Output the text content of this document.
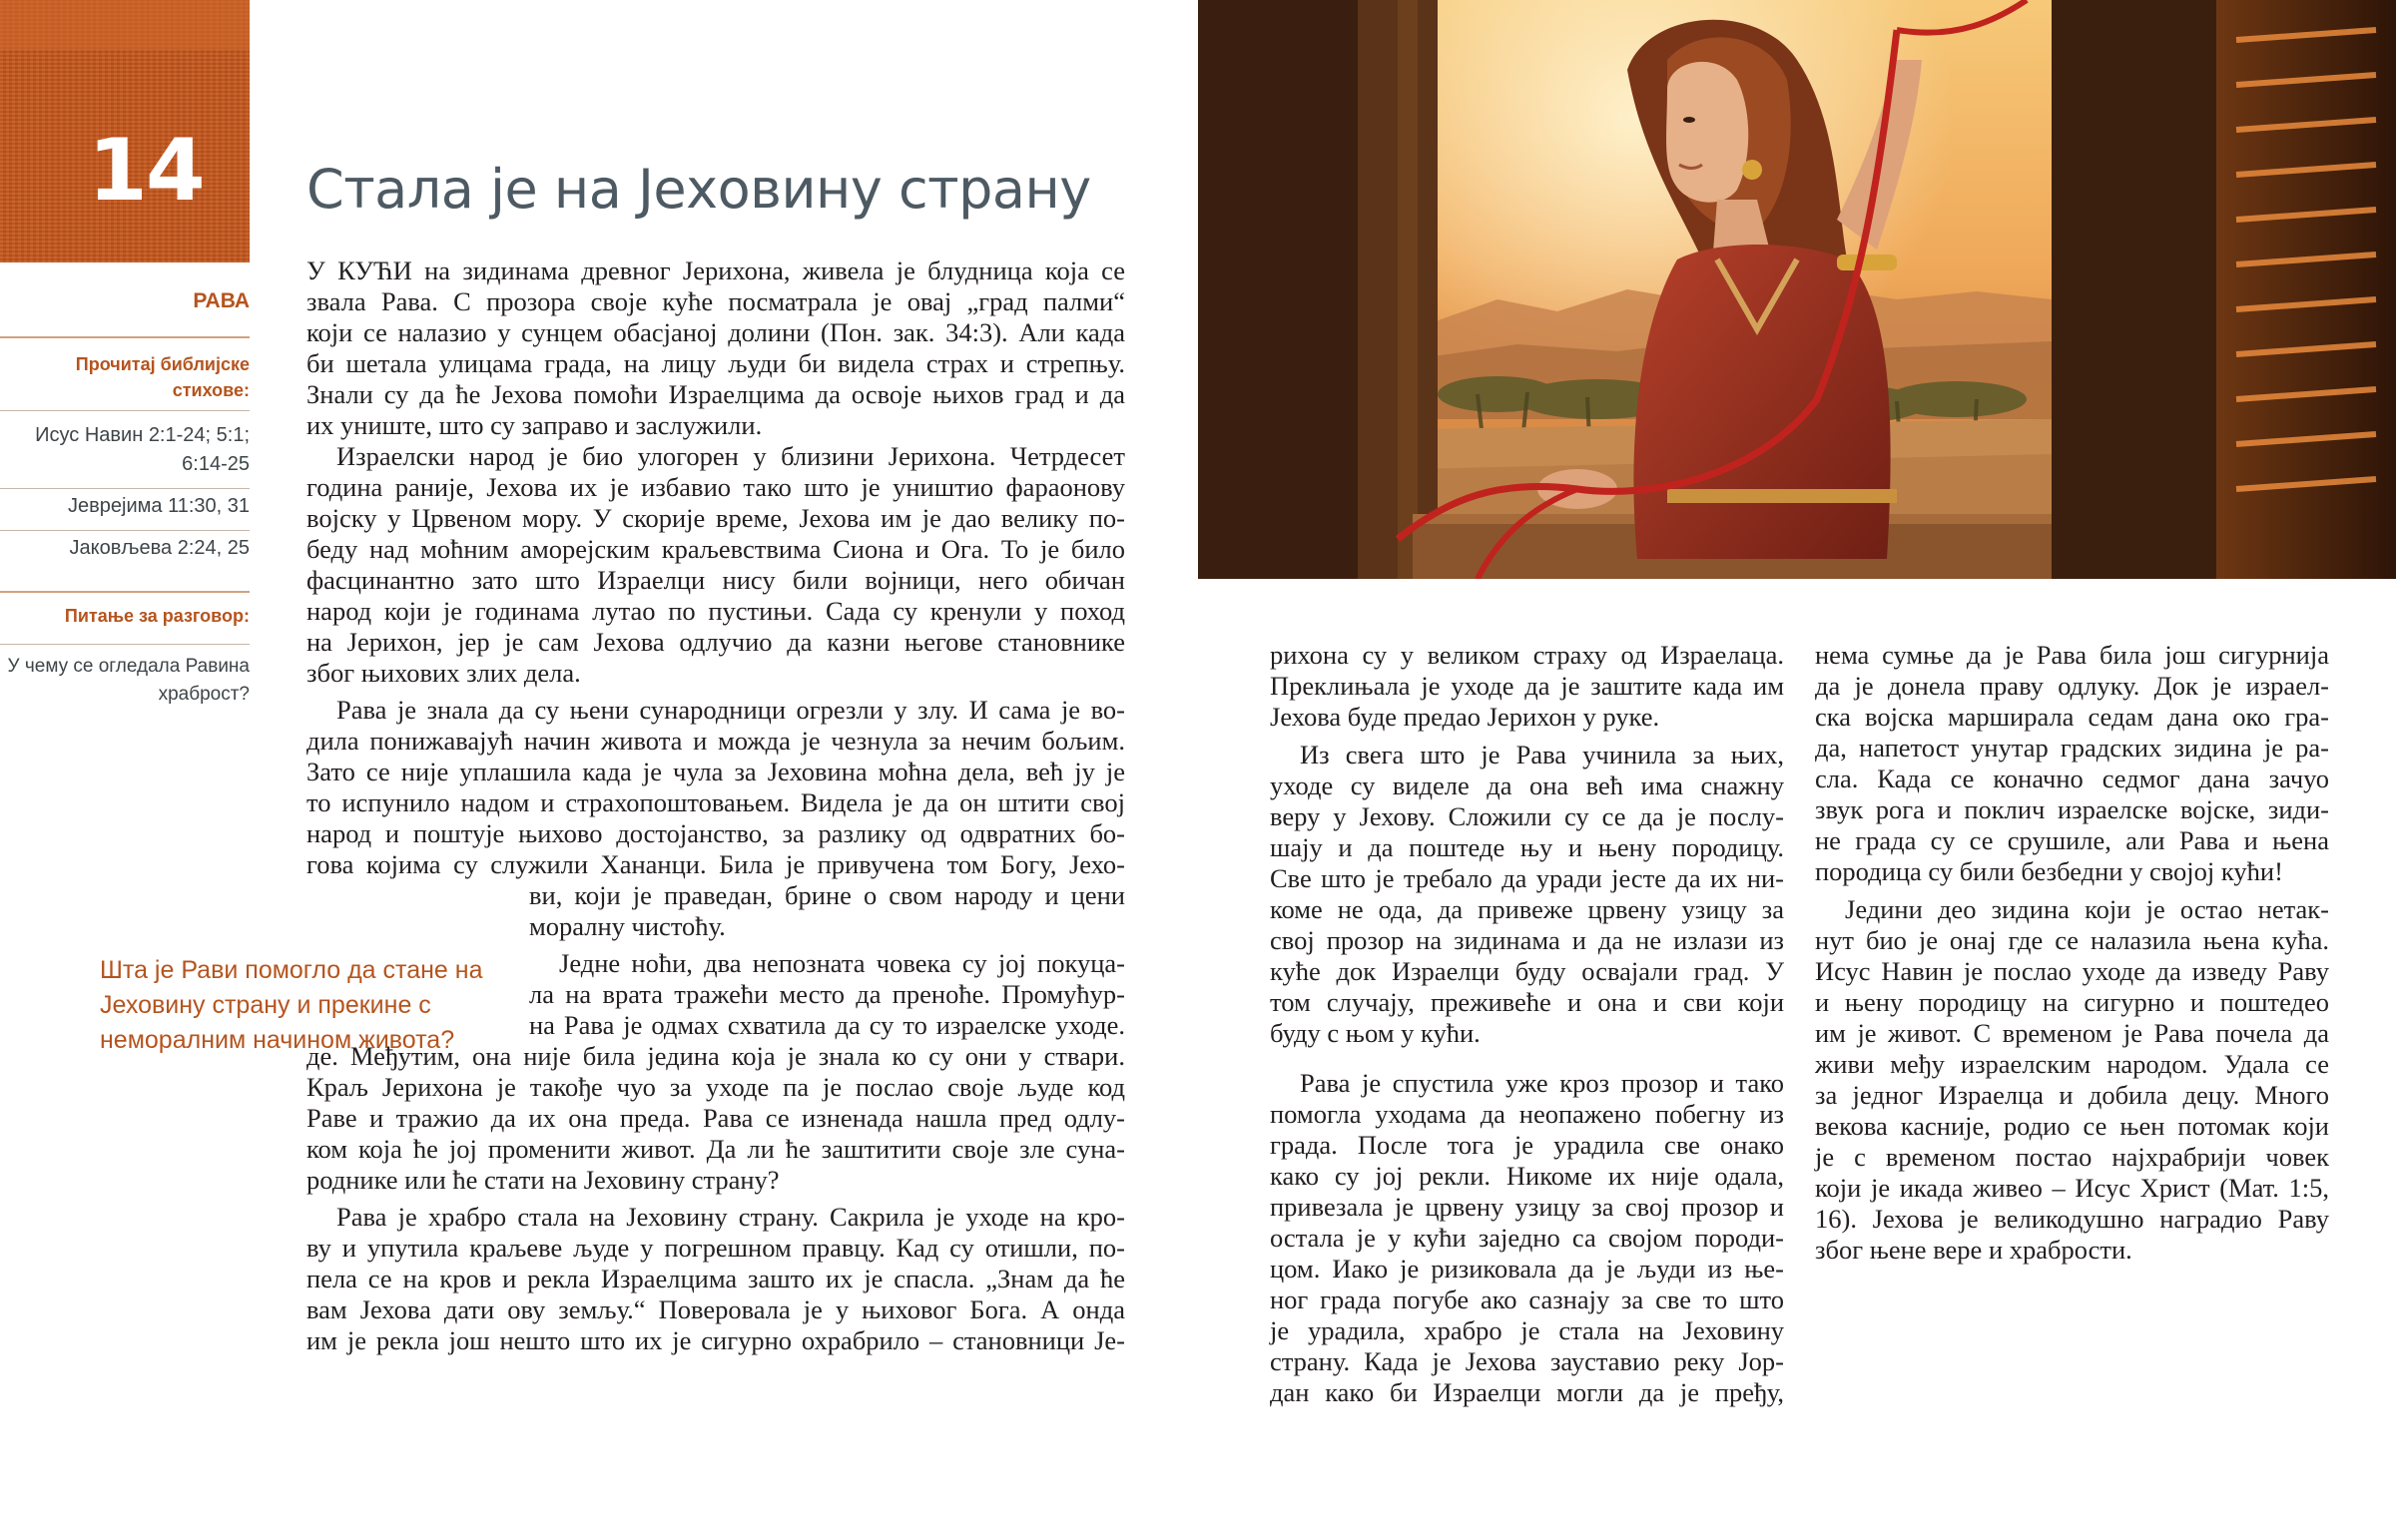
14
РАВА
Прочитај библијске стихове:
Исус Навин 2:1-24; 5:1; 6:14-25
Јеврејима 11:30, 31
Јаковљева 2:24, 25
Питање за разговор:
У чему се огледала Равина храброст?
Стала је на Јеховину страну
У КУЋИ на зидинама древног Јерихона, живела је блудница која се
звала Рава. С прозора своје куће посматрала је овај „град палми“
који се налазио у сунцем обасјаној долини (Пон. зак. 34:3). Али када
би шетала улицама града, на лицу људи би видела страх и стрепњу.
Знали су да ће Јехова помоћи Израелцима да освоје њихов град и да
их униште, што су заправо и заслужили.
Израелски народ је био улогорен у близини Јерихона. Четрдесет
година раније, Јехова их је избавио тако што је уништио фараонову
војску у Црвеном мору. У скорије време, Јехова им је дао велику по-
беду над моћним аморејским краљевствима Сиона и Ога. То је било
фасцинантно зато што Израелци нису били војници, него обичан
народ који је годинама лутао по пустињи. Сада су кренули у поход
на Јерихон, јер је сам Јехова одлучио да казни његове становнике
због њихових злих дела.
Рава је знала да су њени сународници огрезли у злу. И сама је во-
дила понижавајућ начин живота и можда је чезнула за нечим бољим.
Зато се није уплашила када је чула за Јеховина моћна дела, већ ју је
то испунило надом и страхопоштовањем. Видела је да он штити свој
народ и поштује њихово достојанство, за разлику од одвратних бо-
гова којима су служили Хананци. Била је привучена том Богу, Јехо-
ви, који је праведан, брине о свом народу и цени
моралну чистоћу.
Једне ноћи, два непозната човека су јој покуца-
ла на врата тражећи место да преноће. Промућур-
на Рава је одмах схватила да су то израелске уходе.
де. Међутим, она није била једина која је знала ко су они у ствари.
Краљ Јерихона је такође чуо за уходе па је послао своје људе код
Раве и тражио да их она преда. Рава се изненада нашла пред одлу-
ком која ће јој променити живот. Да ли ће заштитити своје зле суна-
роднике или ће стати на Јеховину страну?
Рава је храбро стала на Јеховину страну. Сакрила је уходе на кро-
ву и упутила краљеве људе у погрешном правцу. Кад су отишли, по-
пела се на кров и рекла Израелцима зашто их је спасла. „Знам да ће
вам Јехова дати ову земљу.“ Поверовала је у њиховог Бога. А онда
им је рекла још нешто што их је сигурно охрабрило – становници Је-
Шта је Рави помогло да стане на Јеховину страну и прекине с неморалним начином живота?
рихона су у великом страху од Израелаца.
Преклињала је уходе да је заштите када им
Јехова буде предао Јерихон у руке.
Из свега што је Рава учинила за њих,
уходе су виделе да она већ има снажну
веру у Јехову. Сложили су се да је послу-
шају и да поштеде њу и њену породицу.
Све што је требало да уради јесте да их ни-
коме не ода, да привеже црвену узицу за
свој прозор на зидинама и да не излази из
куће док Израелци буду освајали град. У
том случају, преживеће и она и сви који
буду с њом у кући.
Рава је спустила уже кроз прозор и тако
помогла уходама да неопажено побегну из
града. После тога је урадила све онако
како су јој рекли. Никоме их није одала,
привезала је црвену узицу за свој прозор и
остала је у кући заједно са својом породи-
цом. Иако је ризиковала да је људи из ње-
ног града погубе ако сазнају за све то што
је урадила, храбро је стала на Јеховину
страну. Када је Јехова зауставио реку Јор-
дан како би Израелци могли да је пређу,
нема сумње да је Рава била још сигурнија
да је донела праву одлуку. Док је израел-
ска војска марширала седам дана око гра-
да, напетост унутар градских зидина је ра-
сла. Када се коначно седмог дана зачуо
звук рога и поклич израелске војске, зиди-
не града су се срушиле, али Рава и њена
породица су били безбедни у својој кући!
Једини део зидина који је остао нетак-
нут био је онај где се налазила њена кућа.
Исус Навин је послао уходе да изведу Раву
и њену породицу на сигурно и поштедео
им је живот. С временом је Рава почела да
живи међу израелским народом. Удала се
за једног Израелца и добила децу. Много
векова касније, родио се њен потомак који
је с временом постао најхрабрији човек
који је икада живео – Исус Христ (Мат. 1:5,
16). Јехова је великодушно наградио Раву
због њене вере и храбрости.
